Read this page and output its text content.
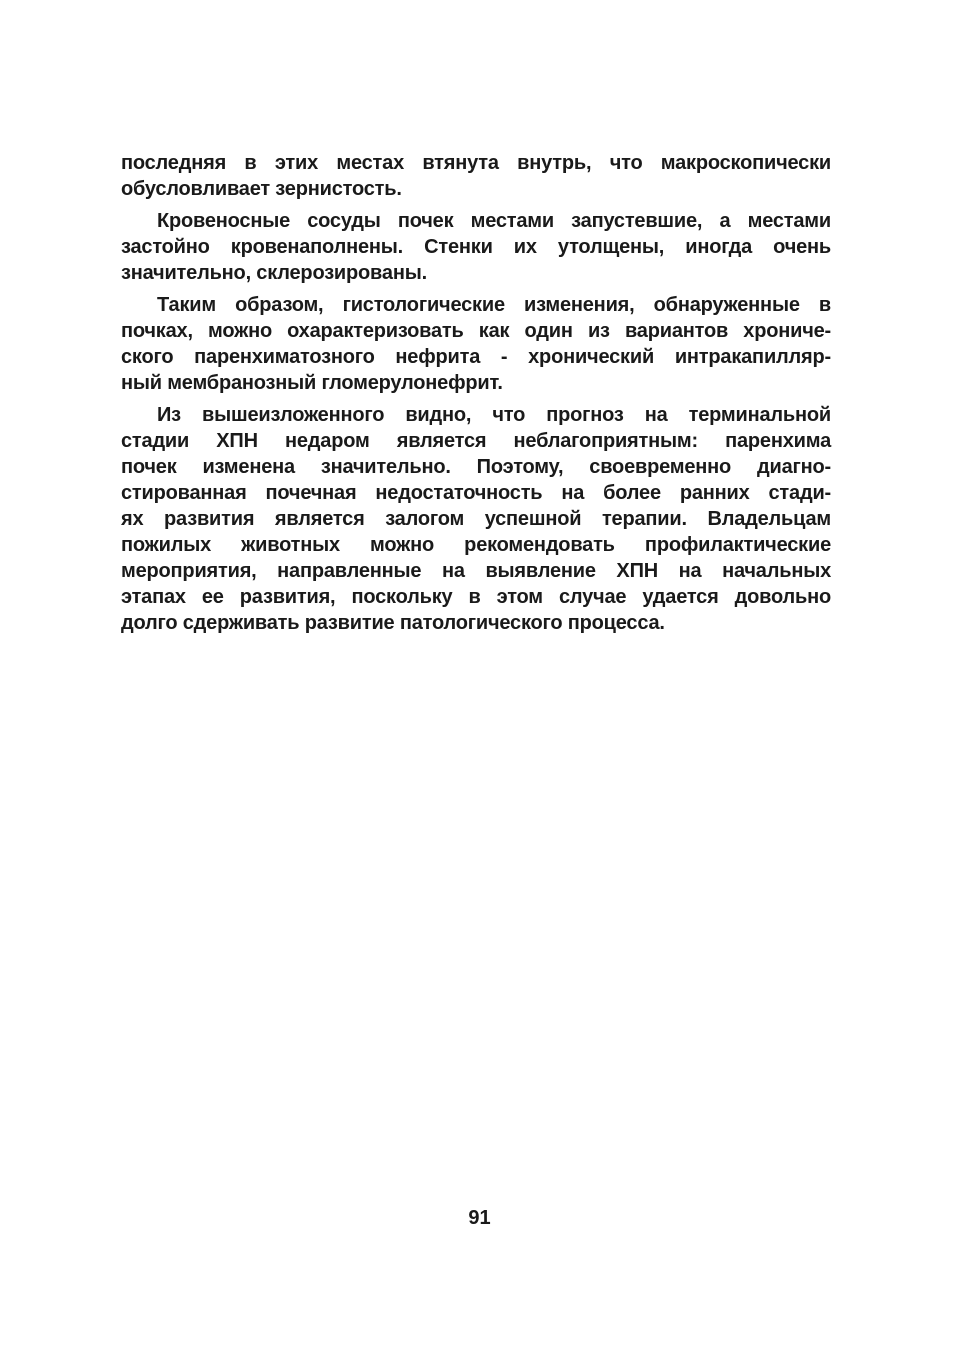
последняя в этих местах втянута внутрь, что макроскопически
обусловливает зернистость.
Кровеносные сосуды почек местами запустевшие, а местами
застойно кровенаполнены. Стенки их утолщены, иногда очень
значительно, склерозированы.
Таким образом, гистологические изменения, обнаруженные в
почках, можно охарактеризовать как один из вариантов хрониче-
ского паренхиматозного нефрита - хронический интракапилляр-
ный мембранозный гломерулонефрит.
Из вышеизложенного видно, что прогноз на терминальной
стадии ХПН недаром является неблагоприятным: паренхима
почек изменена значительно. Поэтому, своевременно диагно-
стированная почечная недостаточность на более ранних стади-
ях развития является залогом успешной терапии. Владельцам
пожилых животных можно рекомендовать профилактические
мероприятия, направленные на выявление ХПН на начальных
этапах ее развития, поскольку в этом случае удается довольно
долго сдерживать развитие патологического процесса.
91
